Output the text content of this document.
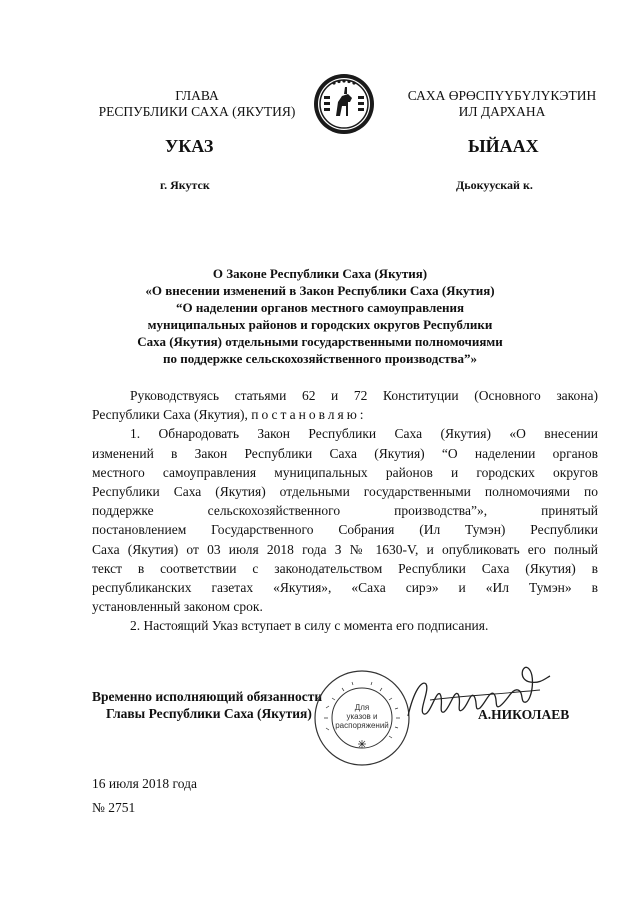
ГЛАВА
РЕСПУБЛИКИ САХА (ЯКУТИЯ)
САХА ӨРӨСПҮҮБҮЛҮКЭТИН
ИЛ ДАРХАНА
УКАЗ	ЫЙААХ
г. Якутск	Дьокуускай к.
О Законе Республики Саха (Якутия)
«О внесении изменений в Закон Республики Саха (Якутия)
“О наделении органов местного самоуправления
муниципальных районов и городских округов Республики
Саха (Якутия) отдельными государственными полномочиями
по поддержке сельскохозяйственного производства”»
Руководствуясь статьями 62 и 72 Конституции (Основного закона)
Республики Саха (Якутия), постановляю:
1. Обнародовать Закон Республики Саха (Якутия) «О внесении
изменений в Закон Республики Саха (Якутия) “О наделении органов
местного самоуправления муниципальных районов и городских округов
Республики Саха (Якутия) отдельными государственными полномочиями по
поддержке сельскохозяйственного производства”», принятый
постановлением Государственного Собрания (Ил Тумэн) Республики
Саха (Якутия) от 03 июля 2018 года З № 1630-V, и опубликовать его полный
текст в соответствии с законодательством Республики Саха (Якутия) в
республиканских газетах «Якутия», «Саха сирэ» и «Ил Тумэн» в
установленный законом срок.
2. Настоящий Указ вступает в силу с момента его подписания.
Временно исполняющий обязанности
Главы Республики Саха (Якутия)	Для
указов и
распоряжений
А.НИКОЛАЕВ
16 июля 2018 года
№ 2751
